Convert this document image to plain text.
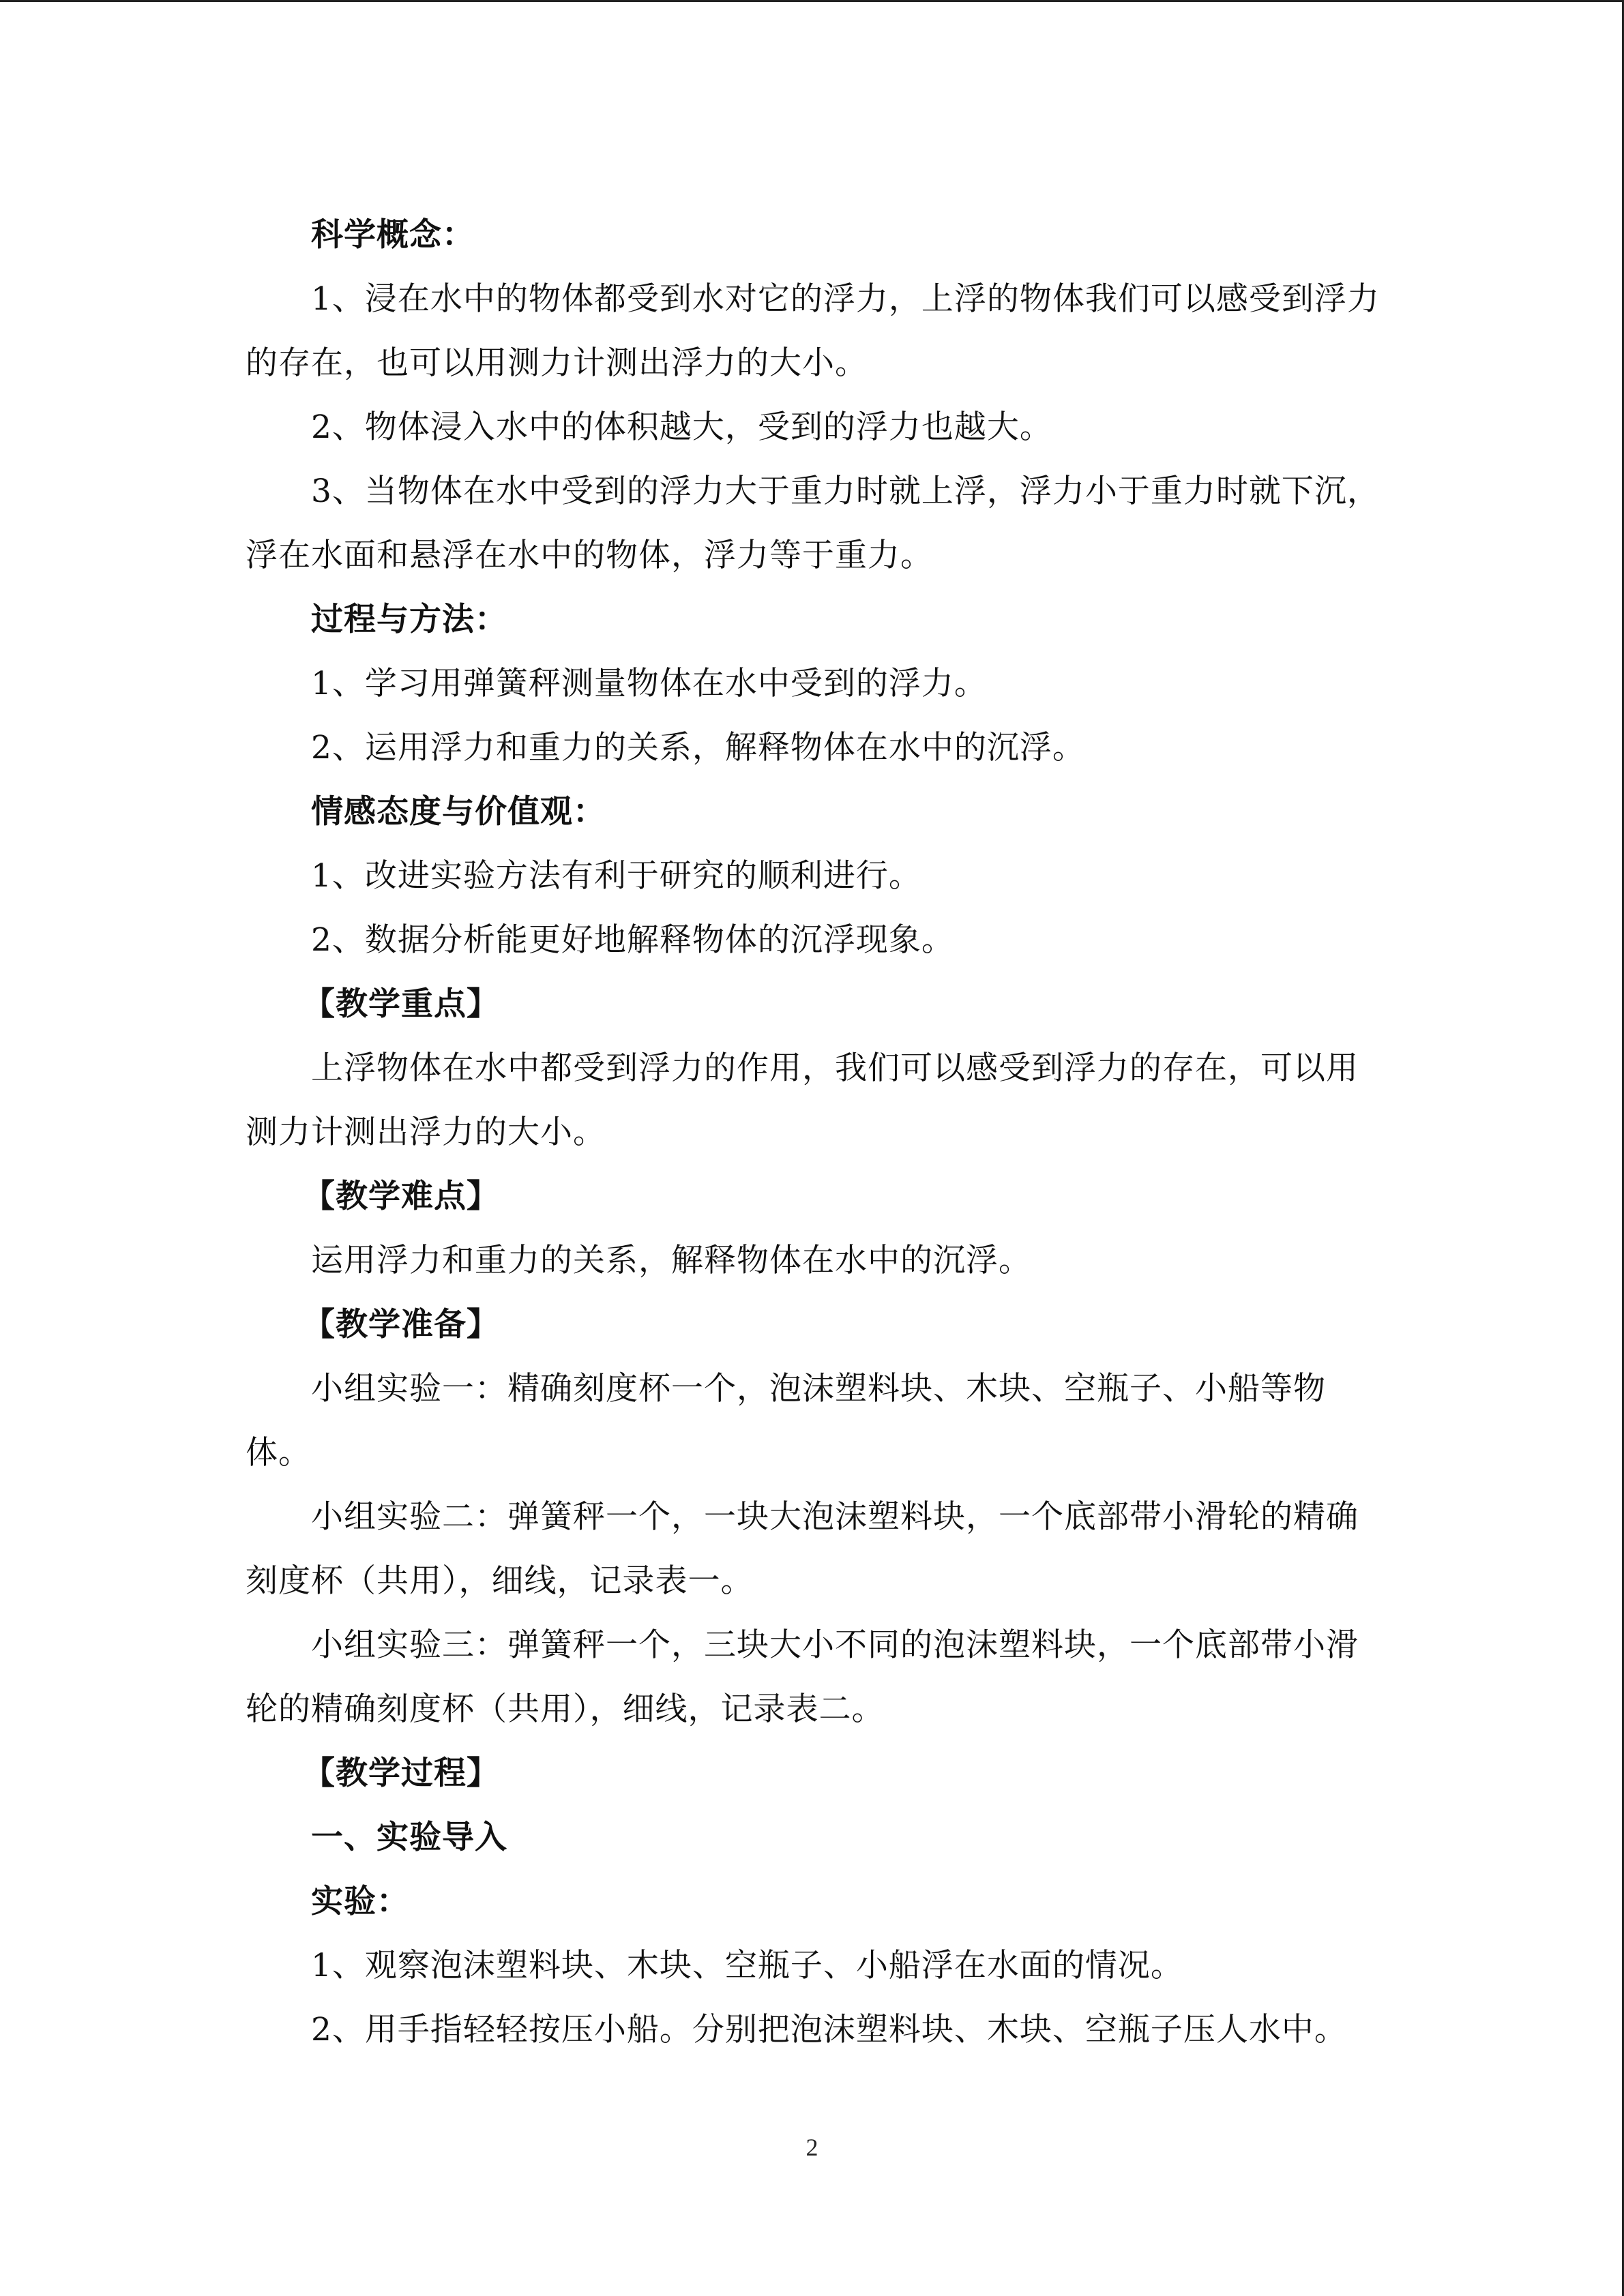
科学概念：
1、浸在水中的物体都受到水对它的浮力，上浮的物体我们可以感受到浮力
的存在，也可以用测力计测出浮力的大小。
2、物体浸入水中的体积越大，受到的浮力也越大。
3、当物体在水中受到的浮力大于重力时就上浮，浮力小于重力时就下沉，
浮在水面和悬浮在水中的物体，浮力等于重力。
过程与方法：
1、学习用弹簧秤测量物体在水中受到的浮力。
2、运用浮力和重力的关系，解释物体在水中的沉浮。
情感态度与价值观：
1、改进实验方法有利于研究的顺利进行。
2、数据分析能更好地解释物体的沉浮现象。
【教学重点】
上浮物体在水中都受到浮力的作用，我们可以感受到浮力的存在，可以用
测力计测出浮力的大小。
【教学难点】
运用浮力和重力的关系，解释物体在水中的沉浮。
【教学准备】
小组实验一：精确刻度杯一个，泡沫塑料块、木块、空瓶子、小船等物
体。
小组实验二：弹簧秤一个，一块大泡沫塑料块，一个底部带小滑轮的精确
刻度杯（共用），细线，记录表一。
小组实验三：弹簧秤一个，三块大小不同的泡沫塑料块，一个底部带小滑
轮的精确刻度杯（共用），细线，记录表二。
【教学过程】
一、实验导入
实验：
1、观察泡沫塑料块、木块、空瓶子、小船浮在水面的情况。
2、用手指轻轻按压小船。分别把泡沫塑料块、木块、空瓶子压人水中。
2
